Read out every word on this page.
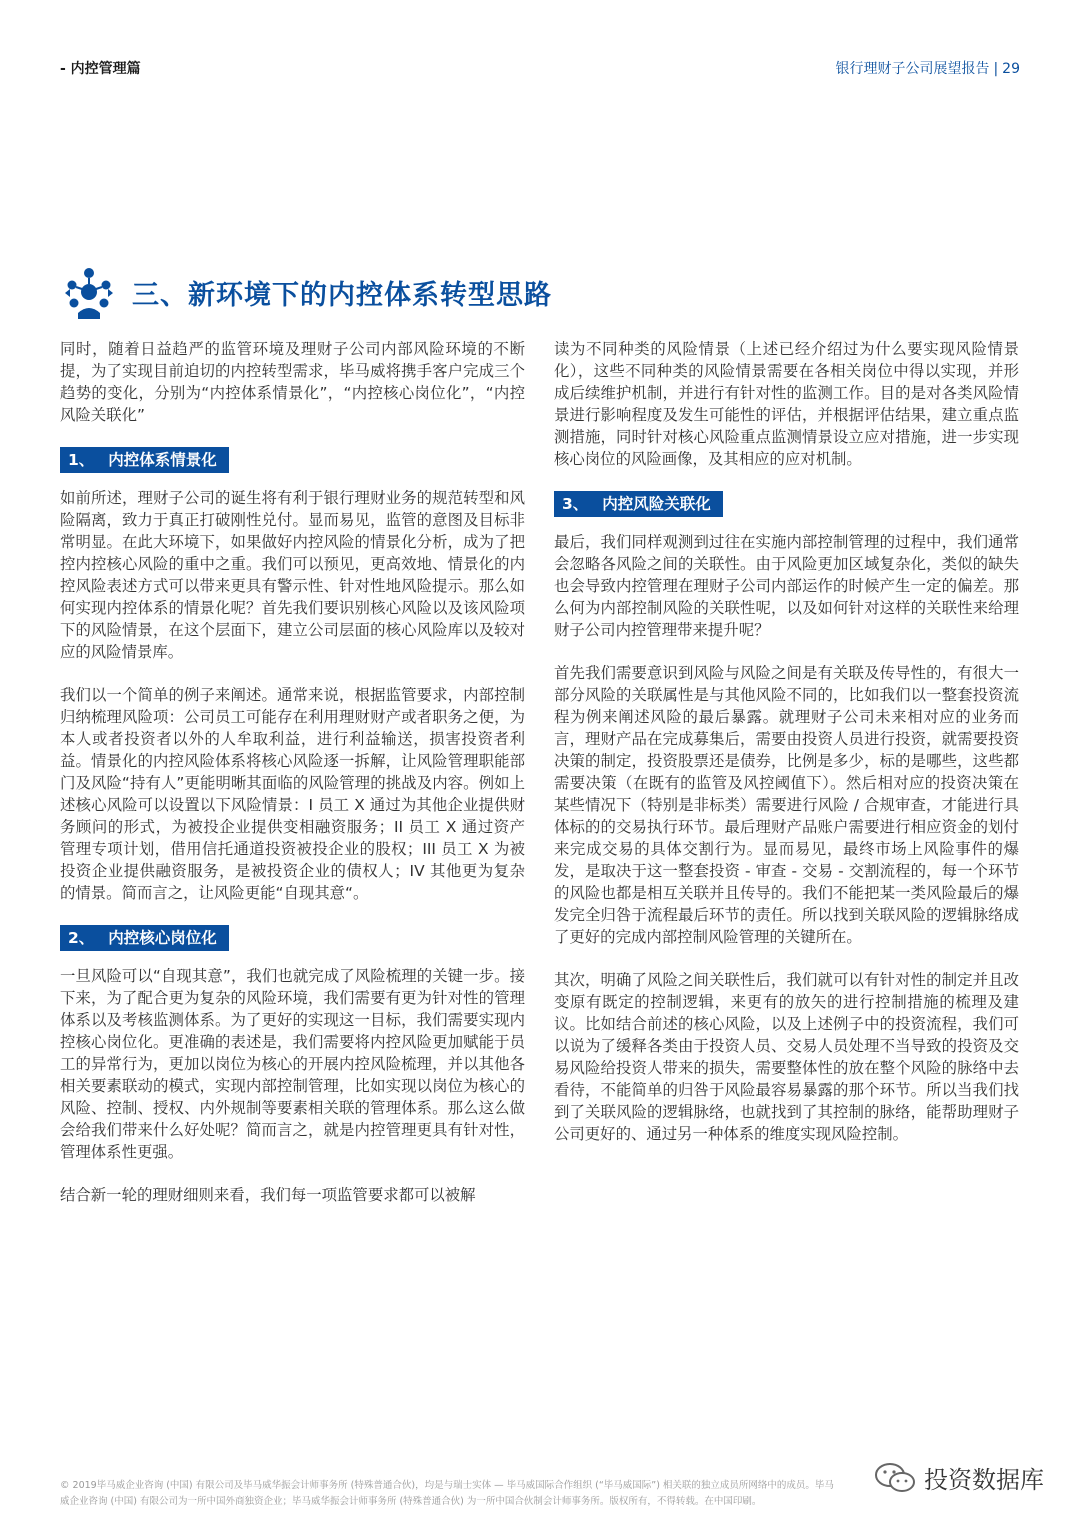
- 内控管理篇	银行理财子公司展望报告 | 29
三、新环境下的内控体系转型思路

同时，随着日益趋严的监管环境及理财子公司内部风险环境的不断提，为了实现目前迫切的内控转型需求，毕马威将携手客户完成三个趋势的变化，分别为“内控体系情景化”，“内控核心岗位化”，“内控风险关联化”

1、 内控体系情景化

如前所述，理财子公司的诞生将有利于银行理财业务的规范转型和风险隔离，致力于真正打破刚性兑付。显而易见，监管的意图及目标非常明显。在此大环境下，如果做好内控风险的情景化分析，成为了把控内控核心风险的重中之重。我们可以预见，更高效地、情景化的内控风险表述方式可以带来更具有警示性、针对性地风险提示。那么如何实现内控体系的情景化呢？首先我们要识别核心风险以及该风险项下的风险情景，在这个层面下，建立公司层面的核心风险库以及较对应的风险情景库。

我们以一个简单的例子来阐述。通常来说，根据监管要求，内部控制归纳梳理风险项：公司员工可能存在利用理财财产或者职务之便，为本人或者投资者以外的人牟取利益，进行利益输送，损害投资者利益。情景化的内控风险体系将核心风险逐一拆解，让风险管理职能部门及风险“持有人”更能明晰其面临的风险管理的挑战及内容。例如上述核心风险可以设置以下风险情景：I 员工 X 通过为其他企业提供财务顾问的形式，为被投企业提供变相融资服务；II 员工 X 通过资产管理专项计划，借用信托通道投资被投企业的股权；III 员工 X 为被投资企业提供融资服务，是被投资企业的债权人；IV 其他更为复杂的情景。简而言之，让风险更能“自现其意“。

2、 内控核心岗位化

一旦风险可以“自现其意”，我们也就完成了风险梳理的关键一步。接下来，为了配合更为复杂的风险环境，我们需要有更为针对性的管理体系以及考核监测体系。为了更好的实现这一目标，我们需要实现内控核心岗位化。更准确的表述是，我们需要将内控风险更加赋能于员工的异常行为，更加以岗位为核心的开展内控风险梳理，并以其他各相关要素联动的模式，实现内部控制管理，比如实现以岗位为核心的风险、控制、授权、内外规制等要素相关联的管理体系。那么这么做会给我们带来什么好处呢？简而言之，就是内控管理更具有针对性，管理体系性更强。

结合新一轮的理财细则来看，我们每一项监管要求都可以被解

读为不同种类的风险情景（上述已经介绍过为什么要实现风险情景化），这些不同种类的风险情景需要在各相关岗位中得以实现，并形成后续维护机制，并进行有针对性的监测工作。目的是对各类风险情景进行影响程度及发生可能性的评估，并根据评估结果，建立重点监测措施，同时针对核心风险重点监测情景设立应对措施，进一步实现核心岗位的风险画像，及其相应的应对机制。

3、 内控风险关联化

最后，我们同样观测到过往在实施内部控制管理的过程中，我们通常会忽略各风险之间的关联性。由于风险更加区域复杂化，类似的缺失也会导致内控管理在理财子公司内部运作的时候产生一定的偏差。那么何为内部控制风险的关联性呢，以及如何针对这样的关联性来给理财子公司内控管理带来提升呢？

首先我们需要意识到风险与风险之间是有关联及传导性的，有很大一部分风险的关联属性是与其他风险不同的，比如我们以一整套投资流程为例来阐述风险的最后暴露。就理财子公司未来相对应的业务而言，理财产品在完成募集后，需要由投资人员进行投资，就需要投资决策的制定，投资股票还是债券，比例是多少，标的是哪些，这些都需要决策（在既有的监管及风控阈值下）。然后相对应的投资决策在某些情况下（特别是非标类）需要进行风险 / 合规审查，才能进行具体标的的交易执行环节。最后理财产品账户需要进行相应资金的划付来完成交易的具体交割行为。显而易见，最终市场上风险事件的爆发，是取决于这一整套投资 - 审查 - 交易 - 交割流程的，每一个环节的风险也都是相互关联并且传导的。我们不能把某一类风险最后的爆发完全归咎于流程最后环节的责任。所以找到关联风险的逻辑脉络成了更好的完成内部控制风险管理的关键所在。

其次，明确了风险之间关联性后，我们就可以有针对性的制定并且改变原有既定的控制逻辑，来更有的放矢的进行控制措施的梳理及建议。比如结合前述的核心风险，以及上述例子中的投资流程，我们可以说为了缓释各类由于投资人员、交易人员处理不当导致的投资及交易风险给投资人带来的损失，需要整体性的放在整个风险的脉络中去看待，不能简单的归咎于风险最容易暴露的那个环节。所以当我们找到了关联风险的逻辑脉络，也就找到了其控制的脉络，能帮助理财子公司更好的、通过另一种体系的维度实现风险控制。

© 2019毕马威企业咨询 (中国) 有限公司及毕马威华振会计师事务所 (特殊普通合伙)，均是与瑞士实体 — 毕马威国际合作组织 (“毕马威国际”) 相关联的独立成员所网络中的成员。毕马威企业咨询 (中国) 有限公司为一所中国外商独资企业；毕马威华振会计师事务所 (特殊普通合伙) 为一所中国合伙制会计师事务所。版权所有，不得转载。在中国印刷。
投资数据库
